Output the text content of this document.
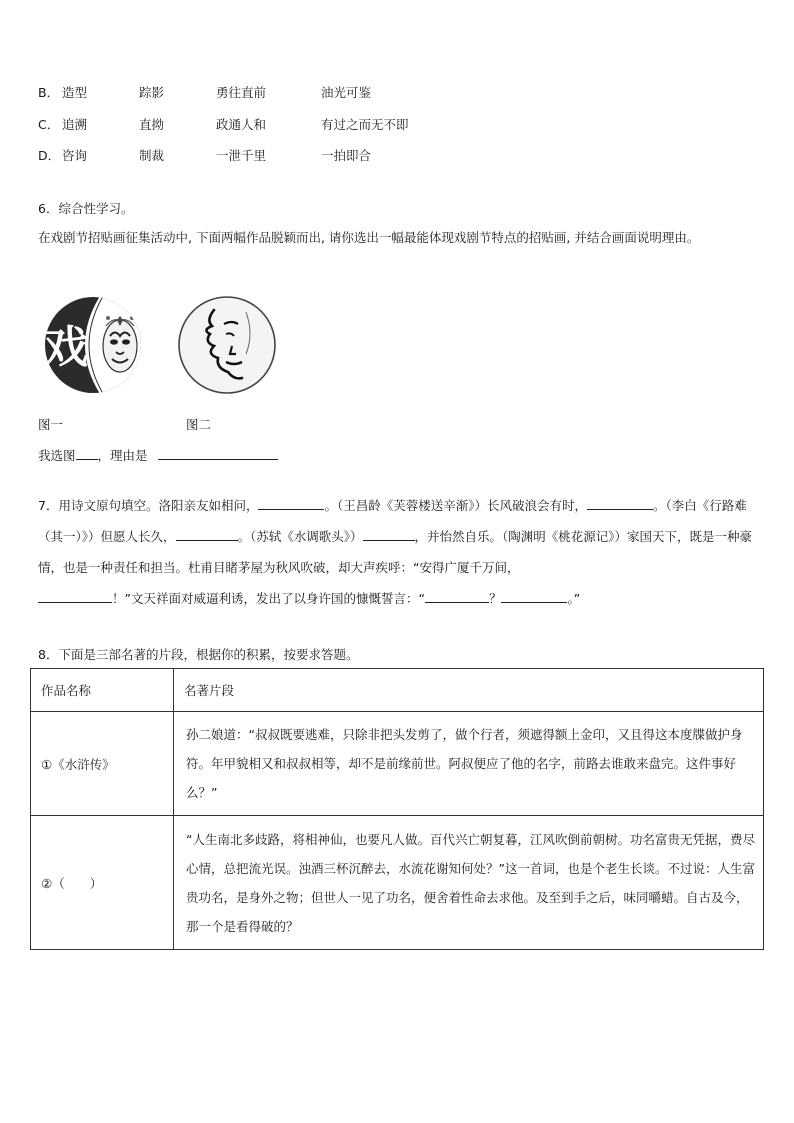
B． 造型	踪影	勇往直前	油光可鉴
C． 追溯	直拗	政通人和	有过之而无不即
D． 咨询	制裁	一泄千里	一拍即合
6．综合性学习。
在戏剧节招贴画征集活动中, 下面两幅作品脱颖而出, 请你选出一幅最能体现戏剧节特点的招贴画, 并结合画面说明理由。
戏
图一	图二
我选图 ，理由是
7．用诗文原句填空。洛阳亲友如相问，	。（王昌龄《芙蓉楼送辛渐》）长风破浪会有时，	。（李白《行路难（其一）》）但愿人长久，	。（苏轼《水调歌头》）	，并怡然自乐。（陶渊明《桃花源记》）家国天下，既是一种豪情，也是一种责任和担当。杜甫目睹茅屋为秋风吹破，却大声疾呼：“安得广厦千万间，
！”文天祥面对威逼利诱，发出了以身许国的慷慨誓言：“	？	。”
8．下面是三部名著的片段，根据你的积累，按要求答题。
作品名称	名著片段
①《水浒传》	孙二娘道：“叔叔既要逃难，只除非把头发剪了，做个行者，须遮得额上金印，又且得这本度牒做护身符。年甲貌相又和叔叔相等，却不是前缘前世。阿叔便应了他的名字，前路去谁敢来盘完。这件事好么？”
②（　　）	“人生南北多歧路，将相神仙，也要凡人做。百代兴亡朝复暮，江风吹倒前朝树。功名富贵无凭据，费尽心情，总把流光误。浊酒三杯沉醉去，水流花谢知何处？”这一首词，也是个老生长谈。不过说：人生富贵功名，是身外之物；但世人一见了功名，便舍着性命去求他。及至到手之后，味同嚼蜡。自古及今，那一个是看得破的？
